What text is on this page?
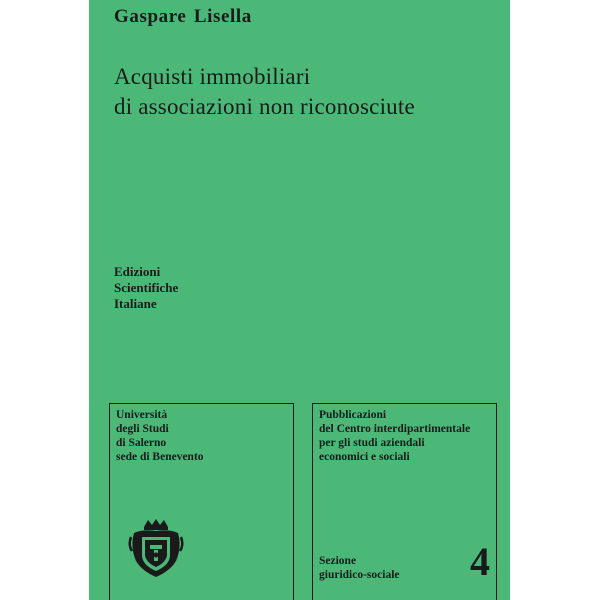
Gaspare Lisella
Acquisti immobiliari
di associazioni non riconosciute
Edizioni
Scientifiche
Italiane
Università
degli Studi
di Salerno
sede di Benevento
Pubblicazioni
del Centro interdipartimentale
per gli studi aziendali
economici e sociali
Sezione
giuridico-sociale 4
